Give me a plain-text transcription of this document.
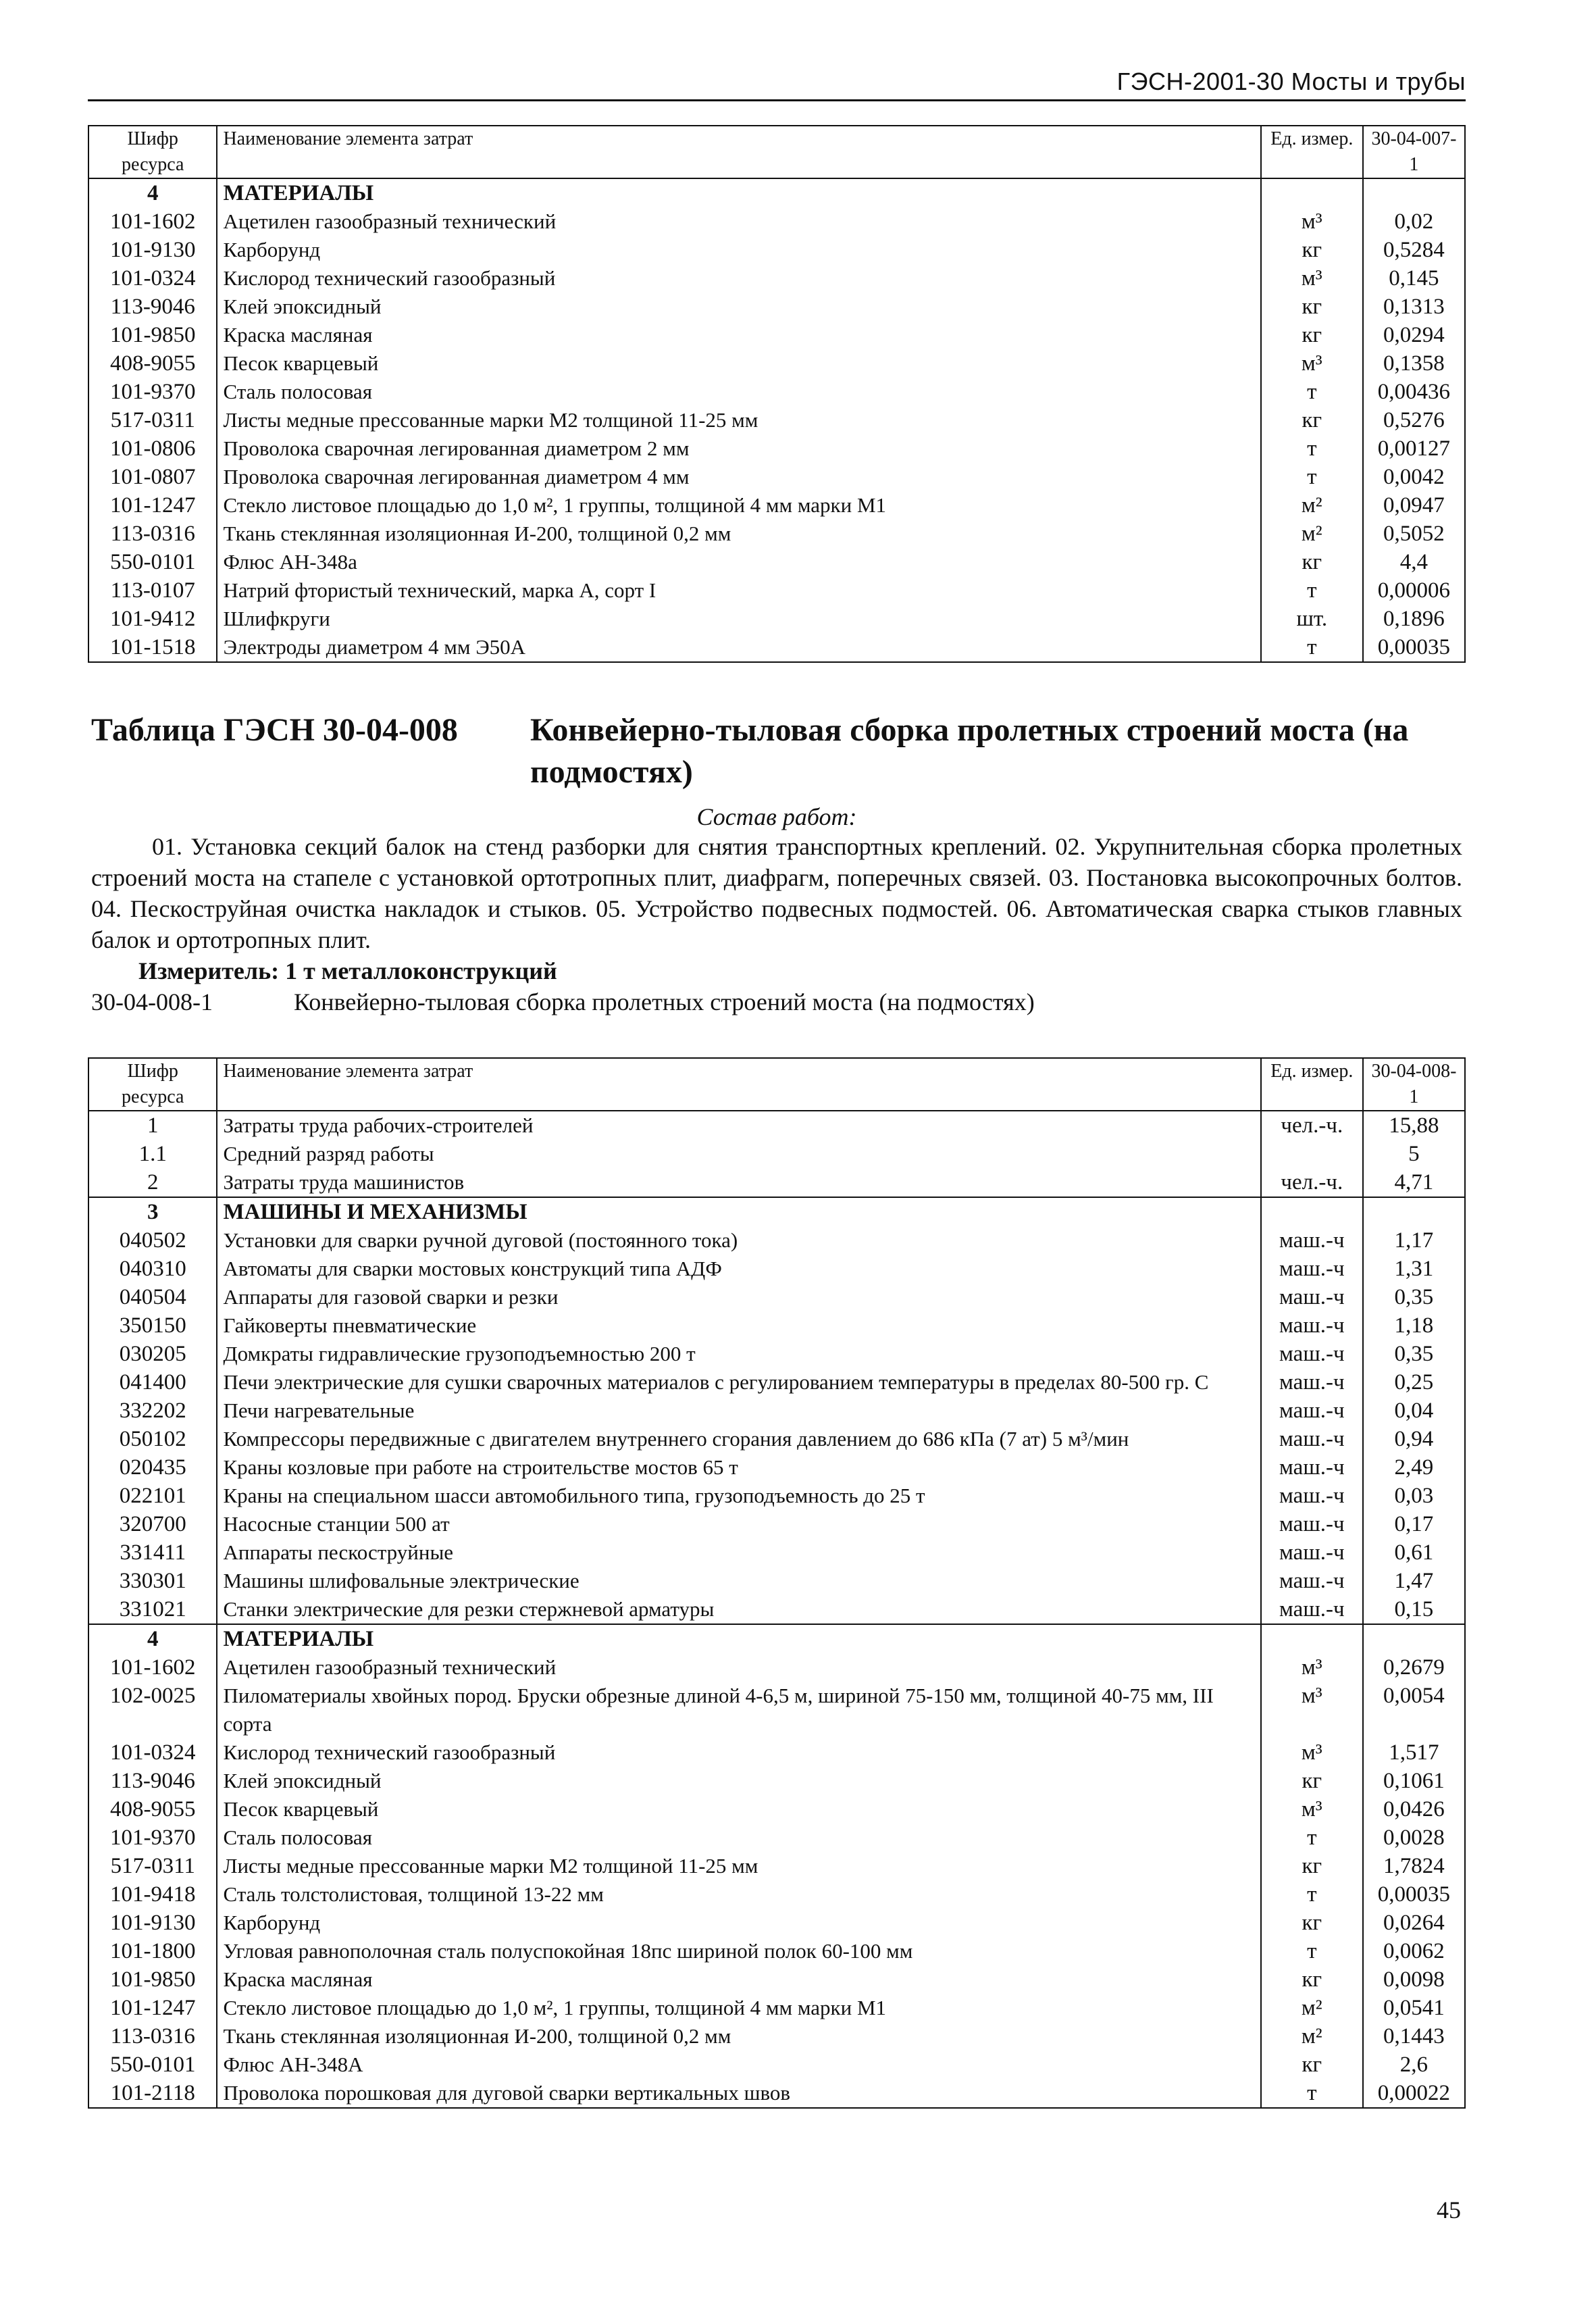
ГЭСН-2001-30 Мосты и трубы
Шифр ресурса	Наименование элемента затрат	Ед. измер.	30-04-007-1
4	МАТЕРИАЛЫ		
101-1602	Ацетилен газообразный технический	м³	0,02
101-9130	Карборунд	кг	0,5284
101-0324	Кислород технический газообразный	м³	0,145
113-9046	Клей эпоксидный	кг	0,1313
101-9850	Краска масляная	кг	0,0294
408-9055	Песок кварцевый	м³	0,1358
101-9370	Сталь полосовая	т	0,00436
517-0311	Листы медные прессованные марки М2 толщиной 11-25 мм	кг	0,5276
101-0806	Проволока сварочная легированная диаметром 2 мм	т	0,00127
101-0807	Проволока сварочная легированная диаметром 4 мм	т	0,0042
101-1247	Стекло листовое площадью до 1,0 м², 1 группы, толщиной 4 мм марки М1	м²	0,0947
113-0316	Ткань стеклянная изоляционная И-200, толщиной 0,2 мм	м²	0,5052
550-0101	Флюс АН-348а	кг	4,4
113-0107	Натрий фтористый технический, марка А, сорт I	т	0,00006
101-9412	Шлифкруги	шт.	0,1896
101-1518	Электроды диаметром 4 мм Э50А	т	0,00035
Таблица ГЭСН 30-04-008	Конвейерно-тыловая сборка пролетных строений моста (на подмостях)
Состав работ:
01. Установка секций балок на стенд разборки для снятия транспортных креплений. 02. Укрупнительная сборка пролетных строений моста на стапеле с установкой ортотропных плит, диафрагм, поперечных связей. 03. Постановка высокопрочных болтов. 04. Пескоструйная очистка накладок и стыков. 05. Устройство подвесных подмостей. 06. Автоматическая сварка стыков главных балок и ортотропных плит.
Измеритель: 1 т металлоконструкций
30-04-008-1	Конвейерно-тыловая сборка пролетных строений моста (на подмостях)
Шифр ресурса	Наименование элемента затрат	Ед. измер.	30-04-008-1
1	Затраты труда рабочих-строителей	чел.-ч.	15,88
1.1	Средний разряд работы		5
2	Затраты труда машинистов	чел.-ч.	4,71
3	МАШИНЫ И МЕХАНИЗМЫ		
040502	Установки для сварки ручной дуговой (постоянного тока)	маш.-ч	1,17
040310	Автоматы для сварки мостовых конструкций типа АДФ	маш.-ч	1,31
040504	Аппараты для газовой сварки и резки	маш.-ч	0,35
350150	Гайковерты пневматические	маш.-ч	1,18
030205	Домкраты гидравлические грузоподъемностью 200 т	маш.-ч	0,35
041400	Печи электрические для сушки сварочных материалов с регулированием температуры в пределах 80-500 гр. С	маш.-ч	0,25
332202	Печи нагревательные	маш.-ч	0,04
050102	Компрессоры передвижные с двигателем внутреннего сгорания давлением до 686 кПа (7 ат) 5 м³/мин	маш.-ч	0,94
020435	Краны козловые при работе на строительстве мостов 65 т	маш.-ч	2,49
022101	Краны на специальном шасси автомобильного типа, грузоподъемность до 25 т	маш.-ч	0,03
320700	Насосные станции 500 ат	маш.-ч	0,17
331411	Аппараты пескоструйные	маш.-ч	0,61
330301	Машины шлифовальные электрические	маш.-ч	1,47
331021	Станки электрические для резки стержневой арматуры	маш.-ч	0,15
4	МАТЕРИАЛЫ		
101-1602	Ацетилен газообразный технический	м³	0,2679
102-0025	Пиломатериалы хвойных пород. Бруски обрезные длиной 4-6,5 м, шириной 75-150 мм, толщиной 40-75 мм, III сорта	м³	0,0054
101-0324	Кислород технический газообразный	м³	1,517
113-9046	Клей эпоксидный	кг	0,1061
408-9055	Песок кварцевый	м³	0,0426
101-9370	Сталь полосовая	т	0,0028
517-0311	Листы медные прессованные марки М2 толщиной 11-25 мм	кг	1,7824
101-9418	Сталь толстолистовая, толщиной 13-22 мм	т	0,00035
101-9130	Карборунд	кг	0,0264
101-1800	Угловая равнополочная сталь полуспокойная 18пс шириной полок 60-100 мм	т	0,0062
101-9850	Краска масляная	кг	0,0098
101-1247	Стекло листовое площадью до 1,0 м², 1 группы, толщиной 4 мм марки М1	м²	0,0541
113-0316	Ткань стеклянная изоляционная И-200, толщиной 0,2 мм	м²	0,1443
550-0101	Флюс АН-348А	кг	2,6
101-2118	Проволока порошковая для дуговой сварки вертикальных швов	т	0,00022
45
